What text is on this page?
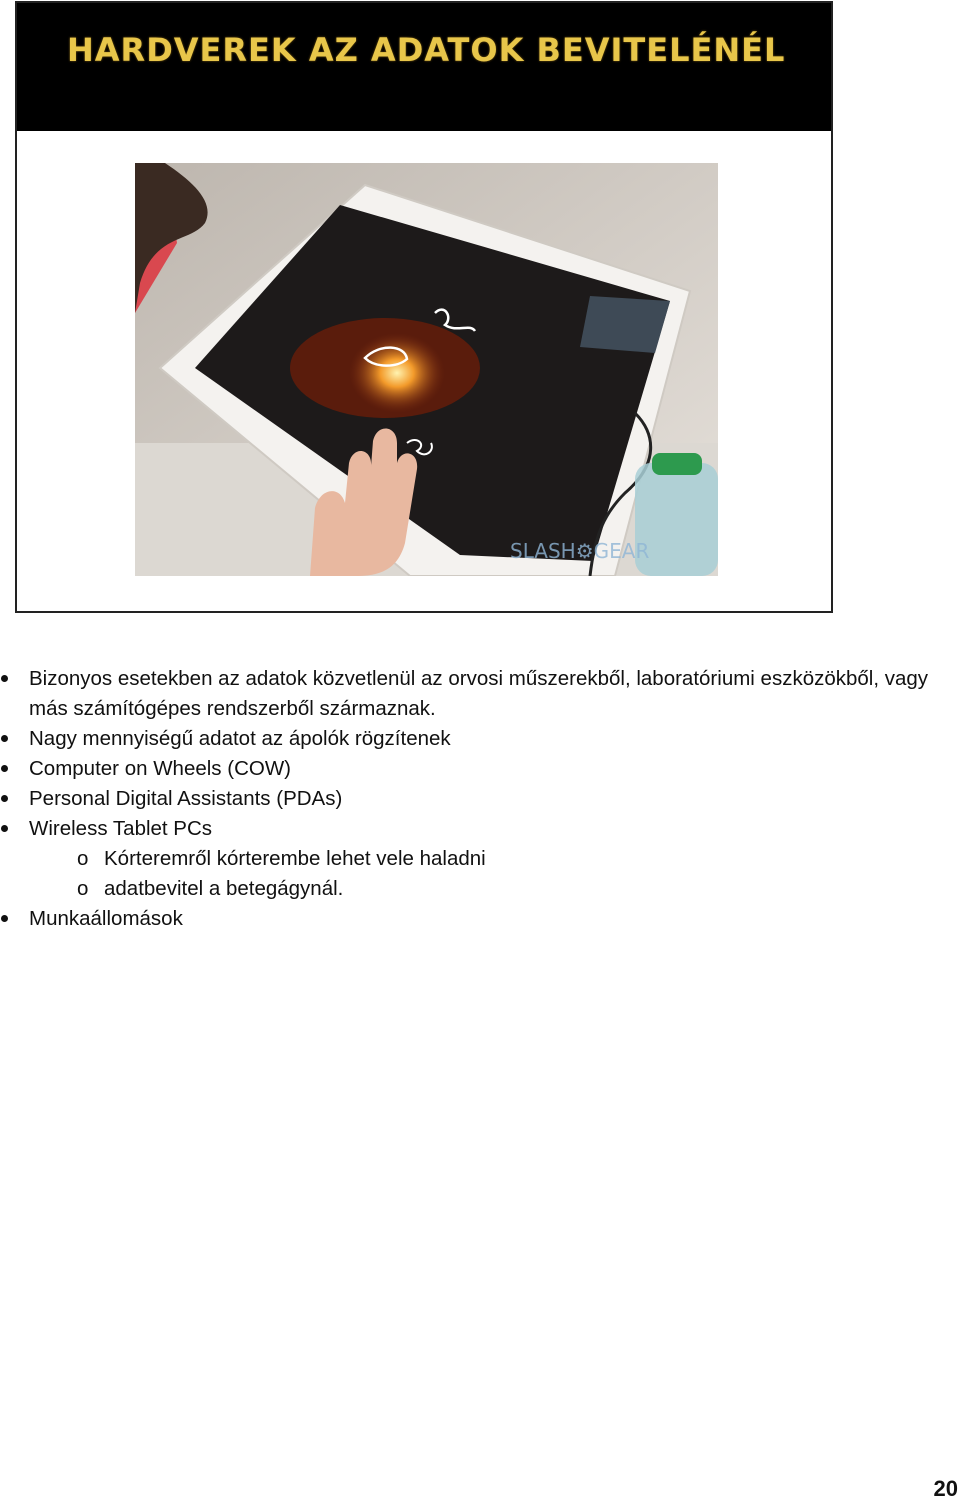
HARDVEREK AZ ADATOK BEVITELÉNÉL
SLASH⚙GEAR
Bizonyos esetekben az adatok közvetlenül az orvosi műszerekből, laboratóriumi eszközökből, vagy más számítógépes rendszerből származnak.
Nagy mennyiségű adatot az ápolók rögzítenek
Computer on Wheels (COW)
Personal Digital Assistants (PDAs)
Wireless Tablet PCs
o Kórteremről kórterembe lehet vele haladni
o adatbevitel a betegágynál.
Munkaállomások
20
